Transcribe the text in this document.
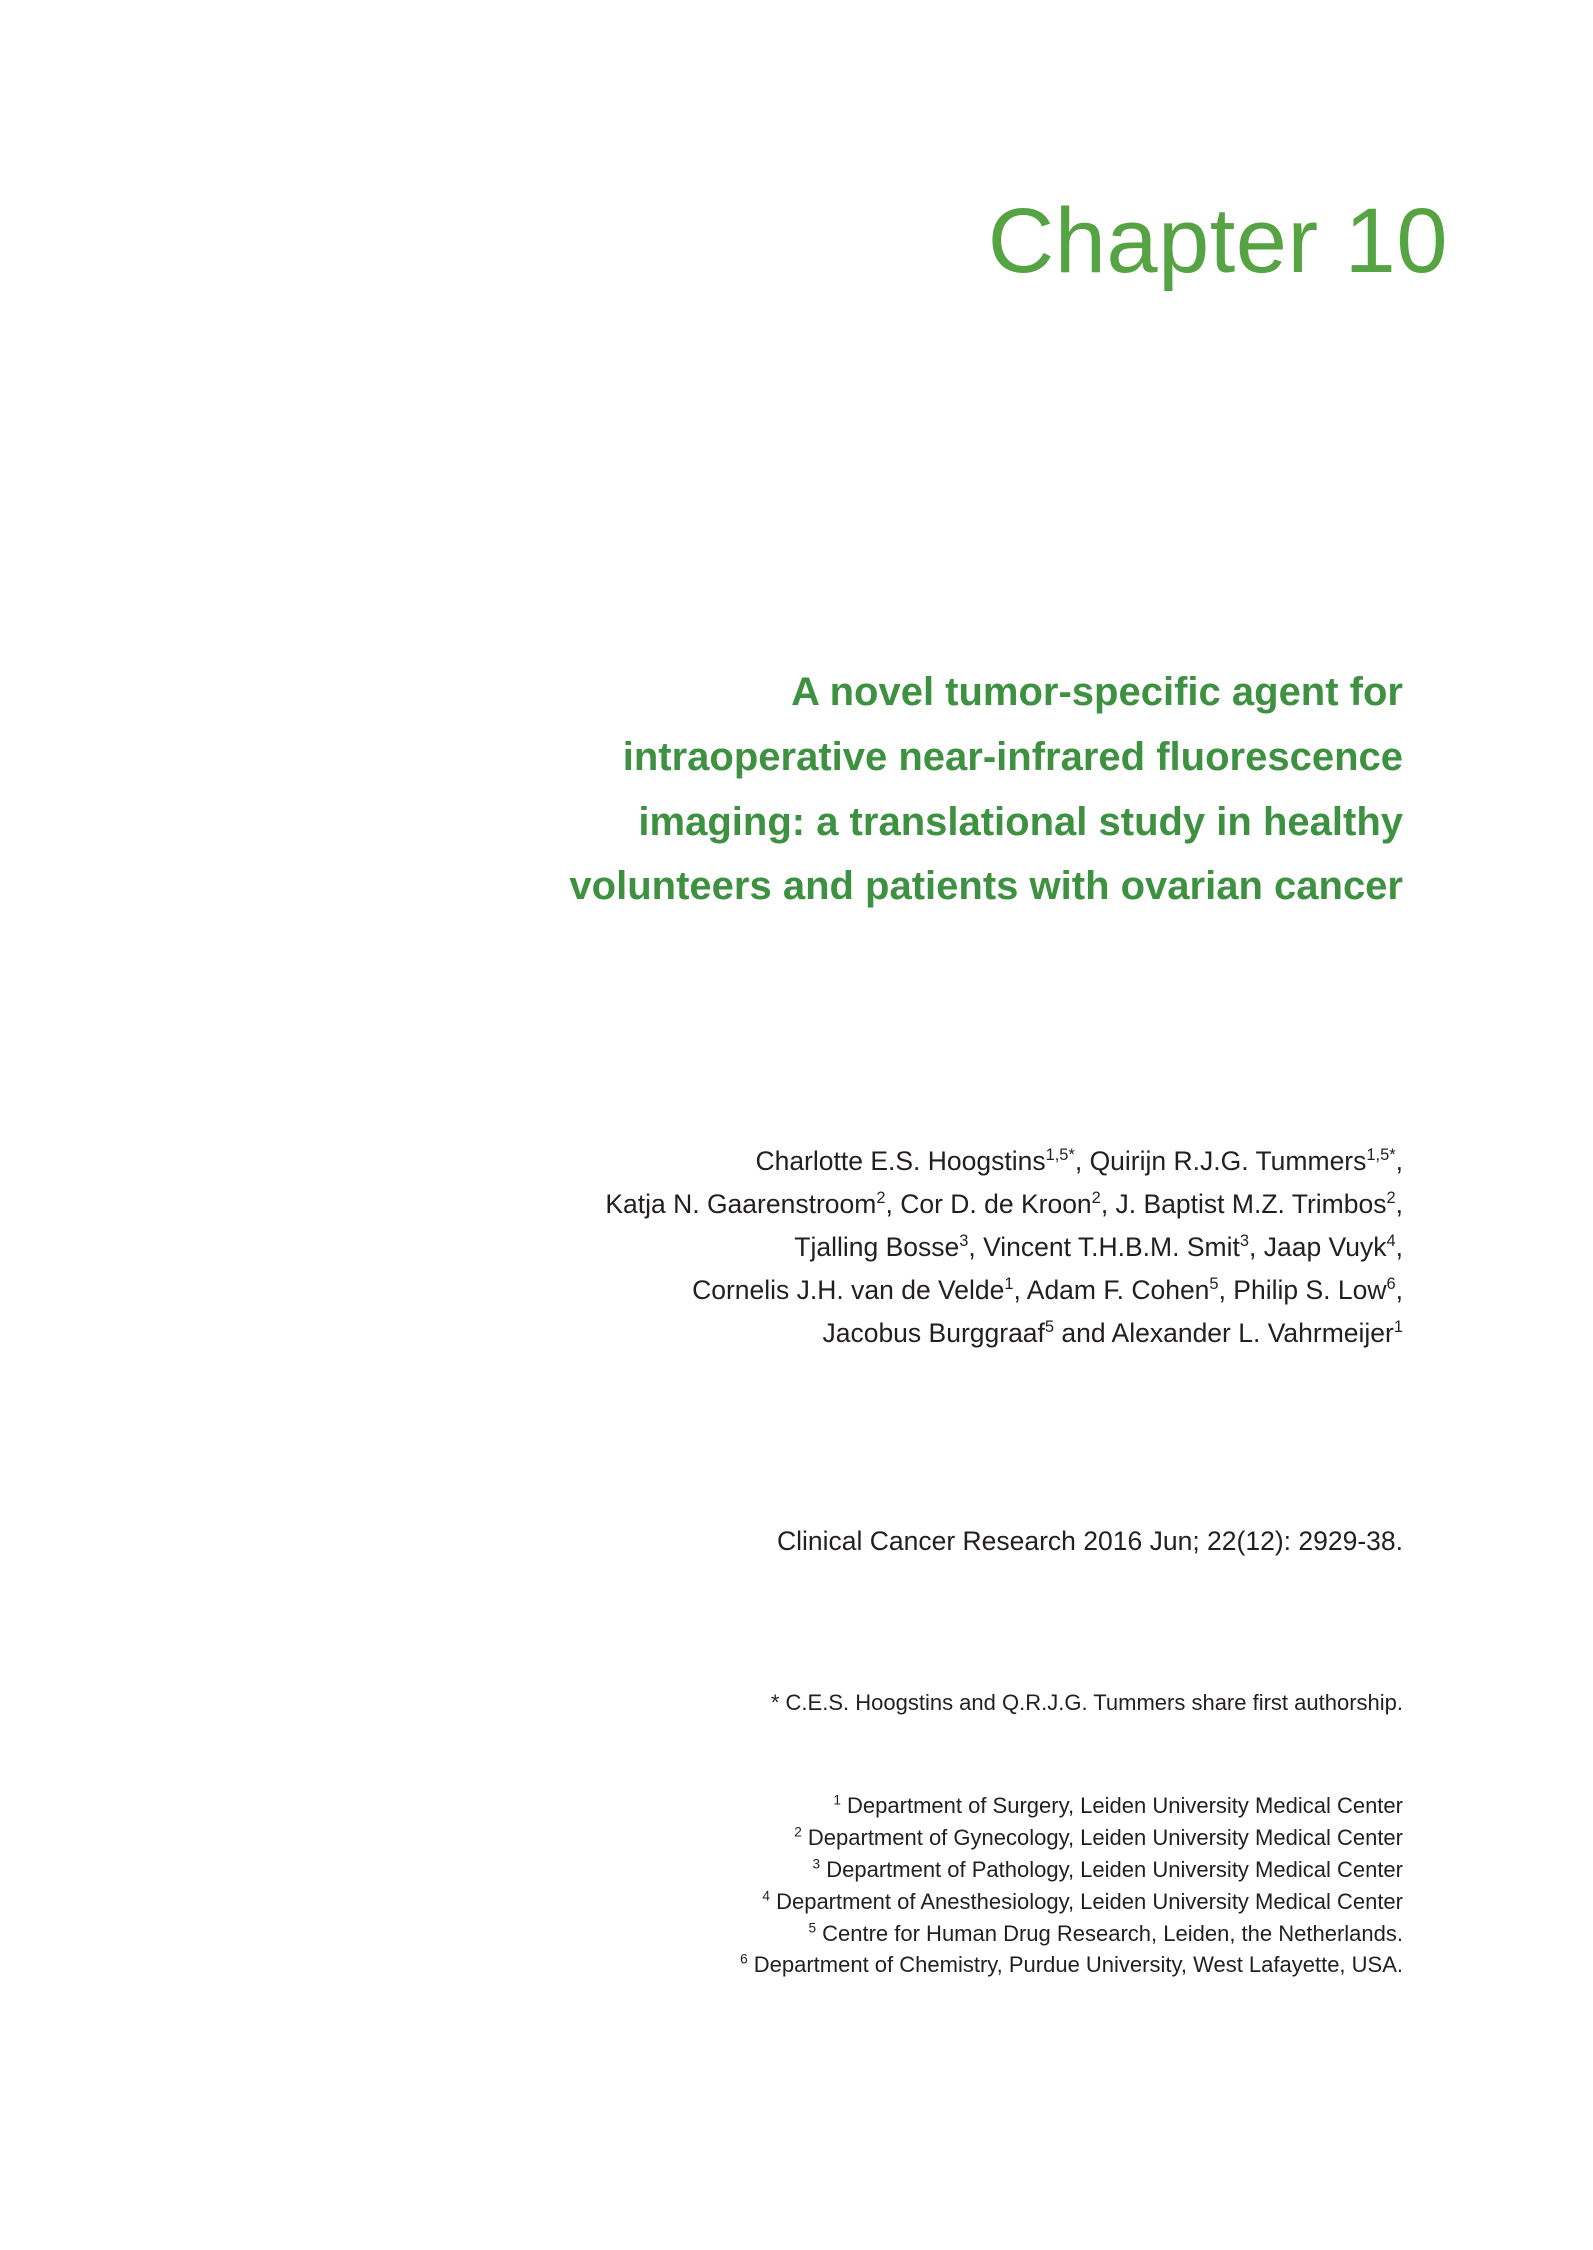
Chapter 10
A novel tumor-specific agent for
intraoperative near-infrared fluorescence
imaging: a translational study in healthy
volunteers and patients with ovarian cancer
Charlotte E.S. Hoogstins$^{1,5*}$, Quirijn R.J.G. Tummers$^{1,5*}$,
Katja N. Gaarenstroom$^2$, Cor D. de Kroon$^2$, J. Baptist M.Z. Trimbos$^2$,
Tjalling Bosse$^3$, Vincent T.H.B.M. Smit$^3$, Jaap Vuyk$^4$,
Cornelis J.H. van de Velde$^1$, Adam F. Cohen$^5$, Philip S. Low$^6$,
Jacobus Burggraaf$^5$ and Alexander L. Vahrmeijer$^1$
Clinical Cancer Research 2016 Jun; 22(12): 2929-38.
* C.E.S. Hoogstins and Q.R.J.G. Tummers share first authorship.
$^1$ Department of Surgery, Leiden University Medical Center
$^2$ Department of Gynecology, Leiden University Medical Center
$^3$ Department of Pathology, Leiden University Medical Center
$^4$ Department of Anesthesiology, Leiden University Medical Center
$^5$ Centre for Human Drug Research, Leiden, the Netherlands.
$^6$ Department of Chemistry, Purdue University, West Lafayette, USA.
